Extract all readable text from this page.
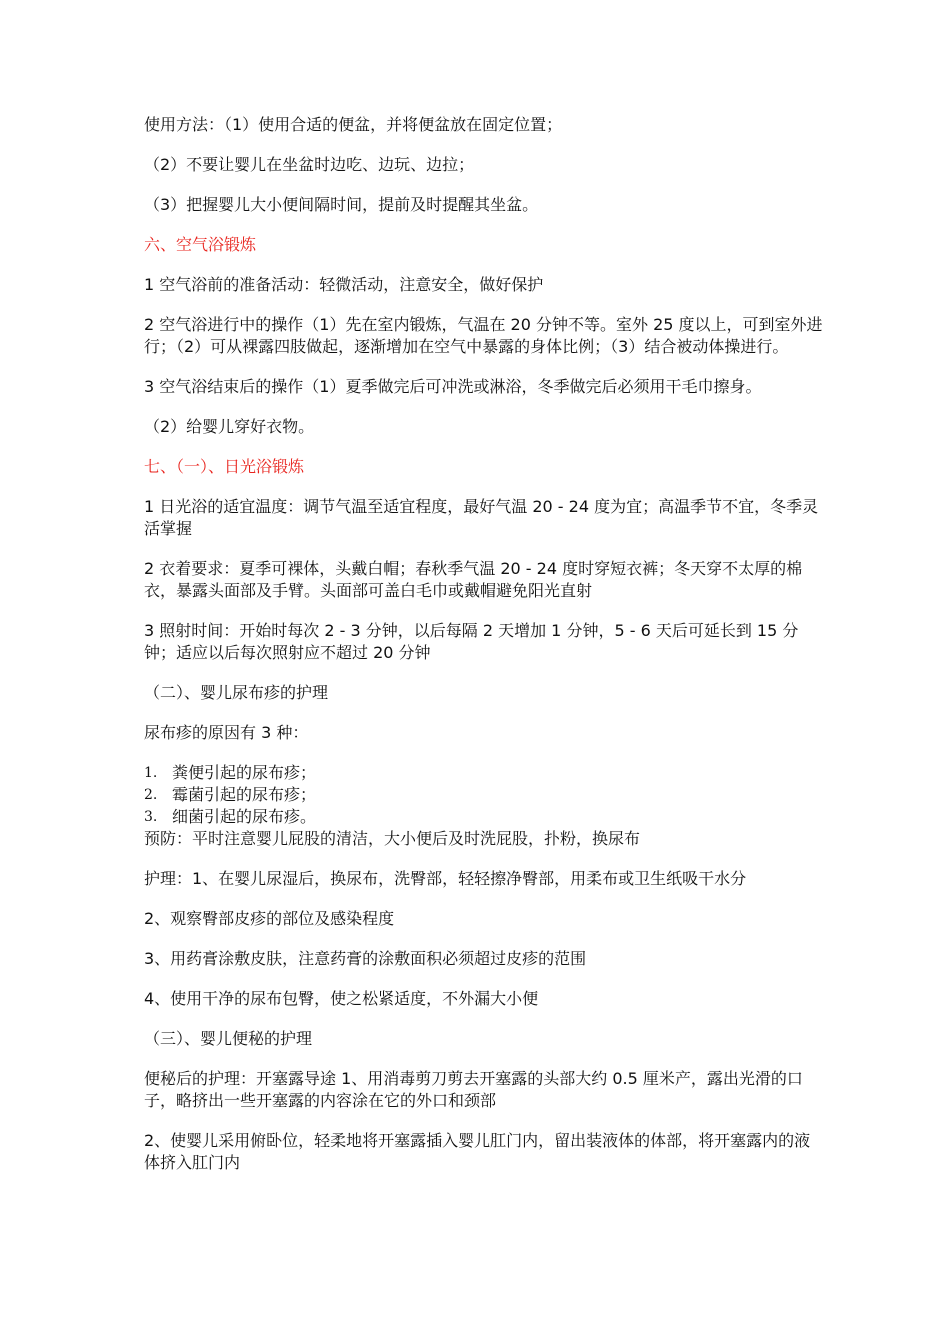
使用方法：（1）使用合适的便盆，并将便盆放在固定位置；

（2）不要让婴儿在坐盆时边吃、边玩、边拉；

（3）把握婴儿大小便间隔时间，提前及时提醒其坐盆。

六、空气浴锻炼

1 空气浴前的准备活动：轻微活动，注意安全，做好保护

2 空气浴进行中的操作（1）先在室内锻炼，气温在 20 分钟不等。室外 25 度以上，可到室外进行；（2）可从裸露四肢做起，逐渐增加在空气中暴露的身体比例；（3）结合被动体操进行。

3 空气浴结束后的操作（1）夏季做完后可冲洗或淋浴，冬季做完后必须用干毛巾擦身。

（2）给婴儿穿好衣物。

七、（一）、日光浴锻炼

1 日光浴的适宜温度：调节气温至适宜程度，最好气温 20 - 24 度为宜；高温季节不宜，冬季灵活掌握

2 衣着要求：夏季可裸体，头戴白帽；春秋季气温 20 - 24 度时穿短衣裤；冬天穿不太厚的棉衣，暴露头面部及手臂。头面部可盖白毛巾或戴帽避免阳光直射

3 照射时间：开始时每次 2 - 3 分钟，以后每隔 2 天增加 1 分钟，5 - 6 天后可延长到 15 分钟；适应以后每次照射应不超过 20 分钟

（二）、婴儿尿布疹的护理

尿布疹的原因有 3 种：

1. 粪便引起的尿布疹；
2. 霉菌引起的尿布疹；
3. 细菌引起的尿布疹。

预防：平时注意婴儿屁股的清洁，大小便后及时洗屁股，扑粉，换尿布

护理：1、在婴儿尿湿后，换尿布，洗臀部，轻轻擦净臀部，用柔布或卫生纸吸干水分

2、观察臀部皮疹的部位及感染程度

3、用药膏涂敷皮肤，注意药膏的涂敷面积必须超过皮疹的范围

4、使用干净的尿布包臀，使之松紧适度，不外漏大小便

（三）、婴儿便秘的护理

便秘后的护理：开塞露导途 1、用消毒剪刀剪去开塞露的头部大约 0.5 厘米产，露出光滑的口子，略挤出一些开塞露的内容涂在它的外口和颈部

2、使婴儿采用俯卧位，轻柔地将开塞露插入婴儿肛门内，留出装液体的体部，将开塞露内的液体挤入肛门内
